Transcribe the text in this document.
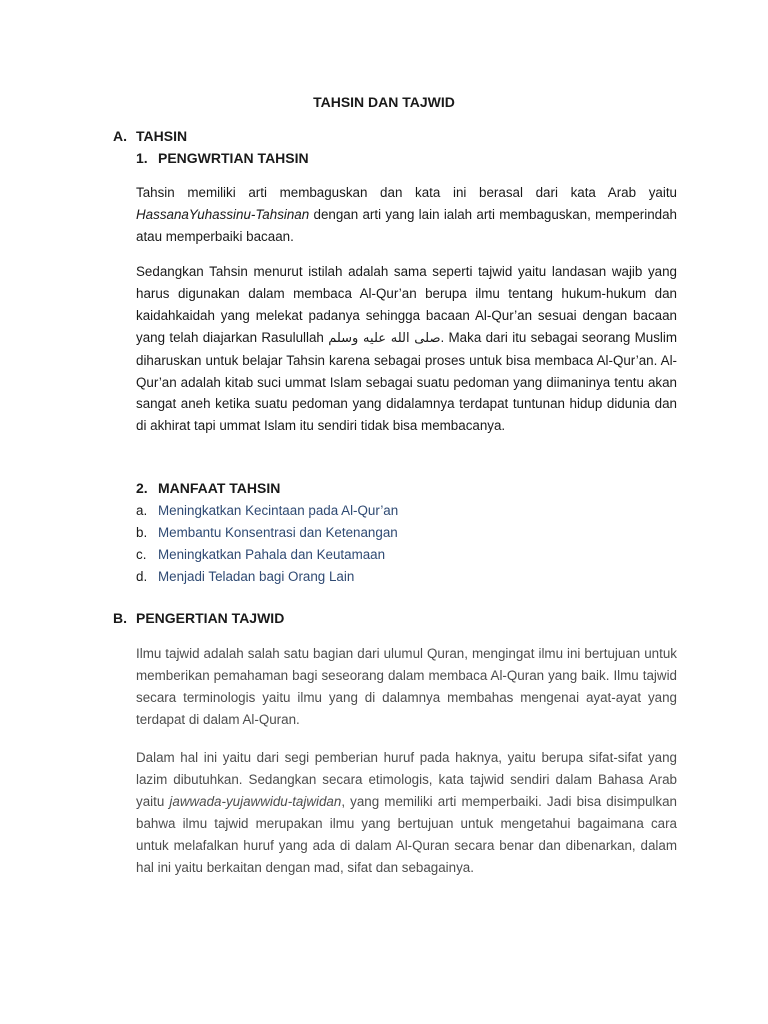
TAHSIN DAN TAJWID
A. TAHSIN
1. PENGWRTIAN TAHSIN

Tahsin memiliki arti membaguskan dan kata ini berasal dari kata Arab yaitu HassanaYuhassinu-Tahsinan dengan arti yang lain ialah arti membaguskan, memperindah atau memperbaiki bacaan.

Sedangkan Tahsin menurut istilah adalah sama seperti tajwid yaitu landasan wajib yang harus digunakan dalam membaca Al-Qur’an berupa ilmu tentang hukum-hukum dan kaidahkaidah yang melekat padanya sehingga bacaan Al-Qur’an sesuai dengan bacaan yang telah diajarkan Rasulullah صلى الله عليه وسلم. Maka dari itu sebagai seorang Muslim diharuskan untuk belajar Tahsin karena sebagai proses untuk bisa membaca Al-Qur’an. Al-Qur’an adalah kitab suci ummat Islam sebagai suatu pedoman yang diimaninya tentu akan sangat aneh ketika suatu pedoman yang didalamnya terdapat tuntunan hidup didunia dan di akhirat tapi ummat Islam itu sendiri tidak bisa membacanya.

2. MANFAAT TAHSIN
a. Meningkatkan Kecintaan pada Al-Qur’an
b. Membantu Konsentrasi dan Ketenangan
c. Meningkatkan Pahala dan Keutamaan
d. Menjadi Teladan bagi Orang Lain
B. PENGERTIAN TAJWID

Ilmu tajwid adalah salah satu bagian dari ulumul Quran, mengingat ilmu ini bertujuan untuk memberikan pemahaman bagi seseorang dalam membaca Al-Quran yang baik. Ilmu tajwid secara terminologis yaitu ilmu yang di dalamnya membahas mengenai ayat-ayat yang terdapat di dalam Al-Quran.

Dalam hal ini yaitu dari segi pemberian huruf pada haknya, yaitu berupa sifat-sifat yang lazim dibutuhkan. Sedangkan secara etimologis, kata tajwid sendiri dalam Bahasa Arab yaitu jawwada-yujawwidu-tajwidan, yang memiliki arti memperbaiki. Jadi bisa disimpulkan bahwa ilmu tajwid merupakan ilmu yang bertujuan untuk mengetahui bagaimana cara untuk melafalkan huruf yang ada di dalam Al-Quran secara benar dan dibenarkan, dalam hal ini yaitu berkaitan dengan mad, sifat dan sebagainya.
